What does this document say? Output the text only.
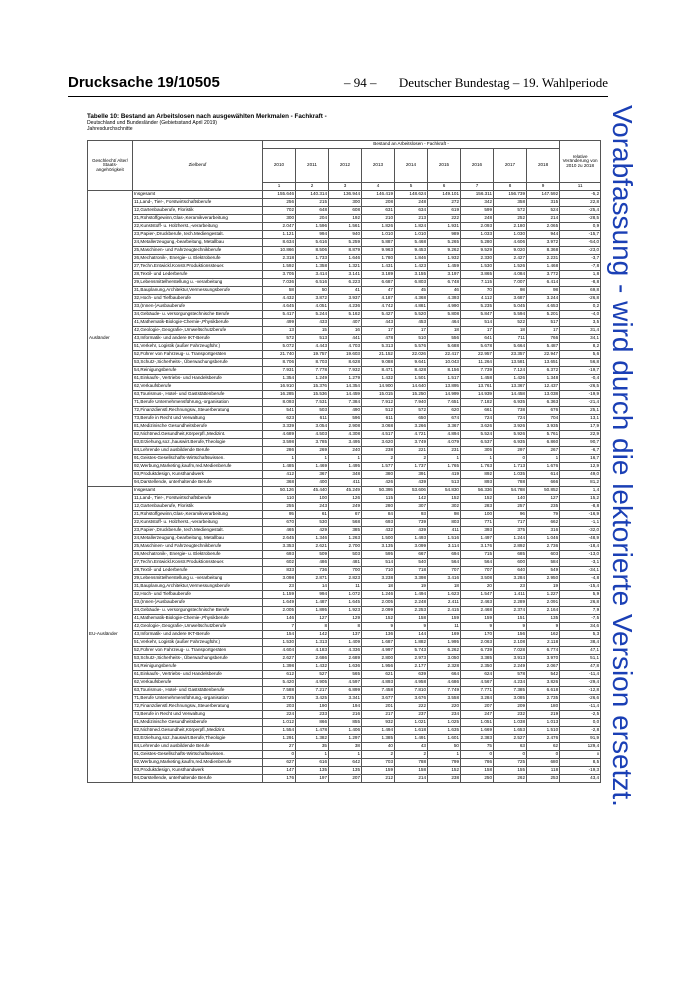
Drucksache 19/10505	– 94 – Deutscher Bundestag – 19. Wahlperiode
Tabelle 10: Bestand an Arbeitslosen nach ausgewählten Merkmalen - Fachkraft -
Deutschland und Bundesländer (Gebietsstand April 2019)
Jahresdurchschnitte
Geschlecht/ Alter/ Staats- angehörigkeit	Zielberuf	Bestand an Arbeitslosen - Fachkraft -									relative Veränderung von 2010 zu 2018
		2010	2011	2012	2013	2014	2015	2016	2017	2018	
		1	2	3	4	5	6	7	8	9	11
Ausländer	Insgesamt	155.646	140.314	136.944	146.419	148.624	149.101	156.311	156.739	147.592	-5,2
	11,Land-, Tier-, Forstwirtschaftsberufe	256	215	300	208	248	272	342	358	315	22,8
	12,Gartenbauberufe, Floristik	702	648	608	631	634	619	599	572	524	-25,4
	21,Rohstoffgewinn,Glas-,Keramikverarbeitung	300	204	192	210	213	222	248	252	214	-28,5
	22,Kunststoff- u. Holzherst.,-verarbeitung	2.047	1.596	1.561	1.826	1.824	1.931	2.093	2.180	2.065	0,9
	23,Papier-,Druckberufe, tech.Mediengestalt.	1.121	994	940	1.010	1.010	989	1.033	1.030	944	-15,7
	24,Metallerzeugung,-bearbeitung, Metallbau	8.634	5.616	5.259	5.887	5.468	5.265	5.280	4.606	3.972	-54,0
	25,Maschinen- und Fahrzeugtechnikberufe	10.866	8.506	8.879	9.963	9.453	9.262	9.529	9.020	8.368	-23,0
	26,Mechatronik-, Energie- u. Elektroberufe	2.318	1.733	1.646	1.780	1.846	1.932	2.330	2.427	2.231	-3,7
	27,Techn.Entwickl.Konstr.Produktionssteuer.	1.592	1.358	1.321	1.431	1.423	1.459	1.530	1.526	1.468	-7,8
	28,Textil- und Lederberufe	3.705	3.414	3.141	3.189	3.155	3.197	3.865	4.084	3.772	1,8
	29,Lebensmittelherstellung u. -verarbeitung	7.036	6.516	6.223	6.687	6.803	6.748	7.115	7.007	6.414	-8,8
	31,Bauplanung,Architektur,Vermessungsberufe	58	50	41	47	45	46	70	98	98	69,8
	32,Hoch- und Tiefbauberufe	4.432	3.872	3.937	4.187	4.368	4.393	4.112	3.687	3.244	-26,8
	33,(Innen-)Ausbauberufe	4.645	4.051	4.236	4.742	4.881	4.990	5.235	5.045	4.653	0,2
	34,Gebäude- u. versorgungstechnische Berufe	5.417	5.244	5.162	5.427	5.520	5.808	5.847	5.594	5.201	-4,0
	41,Mathematik-Biologie-Chemie-,Physikberufe	499	433	407	443	453	464	514	522	517	3,5
	42,Geologie-,Geografie-,Umweltschutzberufe	13	15	16	17	17	18	17	18	17	31,4
	43,Informatik- und andere IKT-Berufe	572	513	441	478	510	556	641	711	766	34,1
	51,Verkehr, Logistik (außer Fahrzeugführ.)	5.072	4.443	4.703	5.313	5.576	5.688	5.678	5.664	5.487	8,2
	52,Führer von Fahrzeug- u. Transportgeräten	21.740	19.757	19.603	21.152	22.026	22.417	22.957	23.357	22.947	5,6
	53,Schutz-,Sicherheits-, Überwachungsberufe	8.706	8.703	8.628	9.088	9.641	10.043	11.264	13.581	13.651	56,8
	54,Reinigungsberufe	7.931	7.778	7.932	8.471	8.428	8.156	7.739	7.124	6.372	-19,7
	61,Einkaufs-, Vertriebs- und Handelsberufe	1.354	1.249	1.279	1.432	1.501	1.517	1.458	1.426	1.348	-0,4
	62,Verkaufsberufe	16.910	15.376	14.354	14.900	14.640	13.895	13.761	13.367	12.437	-26,5
	63,Tourismus-, Hotel- und Gaststättenberufe	16.285	15.536	14.459	15.015	15.250	14.999	14.939	14.458	13.038	-19,9
	71,Berufe Unternehmensführung,-organisation	8.093	7.531	7.384	7.912	7.940	7.651	7.182	6.935	6.363	-21,4
	72,Finanzdienstl.Rechnungsw.,Steuerberatung	541	503	490	512	572	620	661	738	676	25,1
	73,Berufe in Recht und Verwaltung	623	611	596	611	650	674	724	724	704	13,1
	81,Medizinische Gesundheitsberufe	3.339	3.054	2.908	3.068	3.266	3.367	3.626	3.926	3.935	17,9
	82,Nichtmed.Gesundheit,Körperpfl.,Medizint.	4.689	4.503	4.308	4.517	4.721	4.894	5.524	5.926	5.761	22,9
	83,Erziehung,soz.,hauswirt.Berufe,Theologie	3.598	3.785	3.495	3.620	3.749	4.079	6.537	6.935	6.860	90,7
	84,Lehrende und ausbildende Berufe	286	269	240	238	221	231	305	297	267	-6,7
	91,Geistes-Gesellschafts-Wirtschaftswissen.	1	1	1	2	2	1	1	0	1	16,7
	92,Werbung,Marketing,kaufm,red.Medienberufe	1.485	1.469	1.495	1.577	1.737	1.765	1.763	1.713	1.676	12,9
	93,Produktdesign, Kunsthandwerk	412	367	348	380	391	419	892	1.035	614	49,0
	94,Darstellende, unterhaltende Berufe	368	400	411	426	439	513	893	788	666	81,2
EU-Ausländer	Insgesamt	50.126	45.440	45.249	50.395	53.606	54.830	56.336	54.788	50.852	1,4
	11,Land-, Tier-, Forstwirtschaftsberufe	110	100	126	115	142	152	152	140	127	15,2
	12,Gartenbauberufe, Floristik	255	243	249	280	307	302	283	257	235	-8,8
	21,Rohstoffgewinn,Glas-,Keramikverarbeitung	95	61	67	84	93	98	100	96	79	-16,9
	22,Kunststoff- u. Holzherst.,-verarbeitung	670	530	568	693	739	803	771	717	662	-1,1
	23,Papier-,Druckberufe, tech.Mediengestalt.	465	429	385	432	439	411	393	375	316	-32,0
	24,Metallerzeugung,-bearbeitung, Metallbau	2.645	1.346	1.263	1.500	1.493	1.516	1.497	1.244	1.046	-48,9
	25,Maschinen- und Fahrzeugtechnikberufe	3.353	2.621	2.700	3.135	3.099	3.114	3.176	2.892	2.736	-18,4
	26,Mechatronik-, Energie- u. Elektroberufe	693	509	503	595	667	694	715	685	603	-13,0
	27,Techn.Entwickl.Konstr.Produktionssteuer.	602	486	481	514	540	564	564	600	584	-3,1
	28,Textil- und Lederberufe	833	736	700	710	718	707	707	640	549	-34,1
	29,Lebensmittelherstellung u. -verarbeitung	3.098	2.871	2.823	3.238	3.398	3.416	3.508	3.284	2.950	-4,8
	31,Bauplanung,Architektur,Vermessungsberufe	23	14	11	18	19	18	20	23	19	-15,4
	32,Hoch- und Tiefbauberufe	1.159	994	1.072	1.246	1.494	1.623	1.547	1.411	1.227	5,9
	33,(Innen-)Ausbauberufe	1.649	1.487	1.645	2.005	2.248	2.411	2.463	2.289	2.091	26,8
	34,Gebäude- u. versorgungstechnische Berufe	2.005	1.895	1.923	2.099	2.253	2.415	2.468	2.374	2.164	7,9
	41,Mathematik-Biologie-Chemie-,Physikberufe	146	127	129	152	158	159	159	151	135	-7,5
	42,Geologie-,Geografie-,Umweltschutzberufe	7	8	8	9	9	11	9	9	9	34,6
	43,Informatik- und andere IKT-Berufe	154	142	137	136	144	169	170	156	162	5,3
	51,Verkehr, Logistik (außer Fahrzeugführ.)	1.530	1.313	1.409	1.687	1.882	1.995	2.063	2.108	2.118	38,4
	52,Führer von Fahrzeug- u. Transportgeräten	4.604	4.183	4.336	4.997	5.743	6.262	6.739	7.028	6.774	47,1
	53,Schutz-,Sicherheits-, Überwachungsberufe	2.627	2.686	2.689	2.800	2.973	3.050	3.385	3.913	3.970	51,1
	54,Reinigungsberufe	1.398	1.432	1.636	1.956	2.177	2.328	2.350	2.249	2.067	47,8
	61,Einkaufs-, Vertriebs- und Handelsberufe	612	527	565	621	639	664	624	578	542	-11,4
	62,Verkaufsberufe	5.420	4.905	4.597	4.893	4.958	4.686	4.567	4.234	3.826	-29,4
	63,Tourismus-, Hotel- und Gaststättenberufe	7.588	7.217	6.899	7.458	7.810	7.749	7.771	7.385	6.618	-12,8
	71,Berufe Unternehmensführung,-organisation	3.725	3.425	3.341	3.677	3.676	3.558	3.284	3.085	2.735	-26,6
	72,Finanzdienstl.Rechnungsw.,Steuerberatung	203	190	194	201	222	220	207	209	180	-11,4
	73,Berufe in Recht und Verwaltung	224	233	216	217	237	234	247	232	219	-2,5
	81,Medizinische Gesundheitsberufe	1.012	866	855	932	1.021	1.025	1.051	1.038	1.013	0,0
	82,Nichtmed.Gesundheit,Körperpfl.,Medizint.	1.554	1.478	1.406	1.494	1.618	1.635	1.669	1.653	1.510	-2,8
	83,Erziehung,soz.,hauswirt.Berufe,Theologie	1.291	1.382	1.297	1.385	1.491	1.601	2.383	2.527	2.476	91,9
	84,Lehrende und ausbildende Berufe	27	35	38	40	43	50	75	63	62	129,4
	91,Geistes-Gesellschafts-Wirtschaftswissen.	0	1	1	2	2	1	0	0	0	x
	92,Werbung,Marketing,kaufm,red.Medienberufe	627	616	642	703	788	799	786	725	680	8,5
	93,Produktdesign, Kunsthandwerk	147	135	135	159	158	152	158	155	118	-19,3
	94,Darstellende, unterhaltende Berufe	176	197	207	212	214	238	250	262	253	43,4 Vorabfassung - wird durch die lektorierte Version ersetzt.
